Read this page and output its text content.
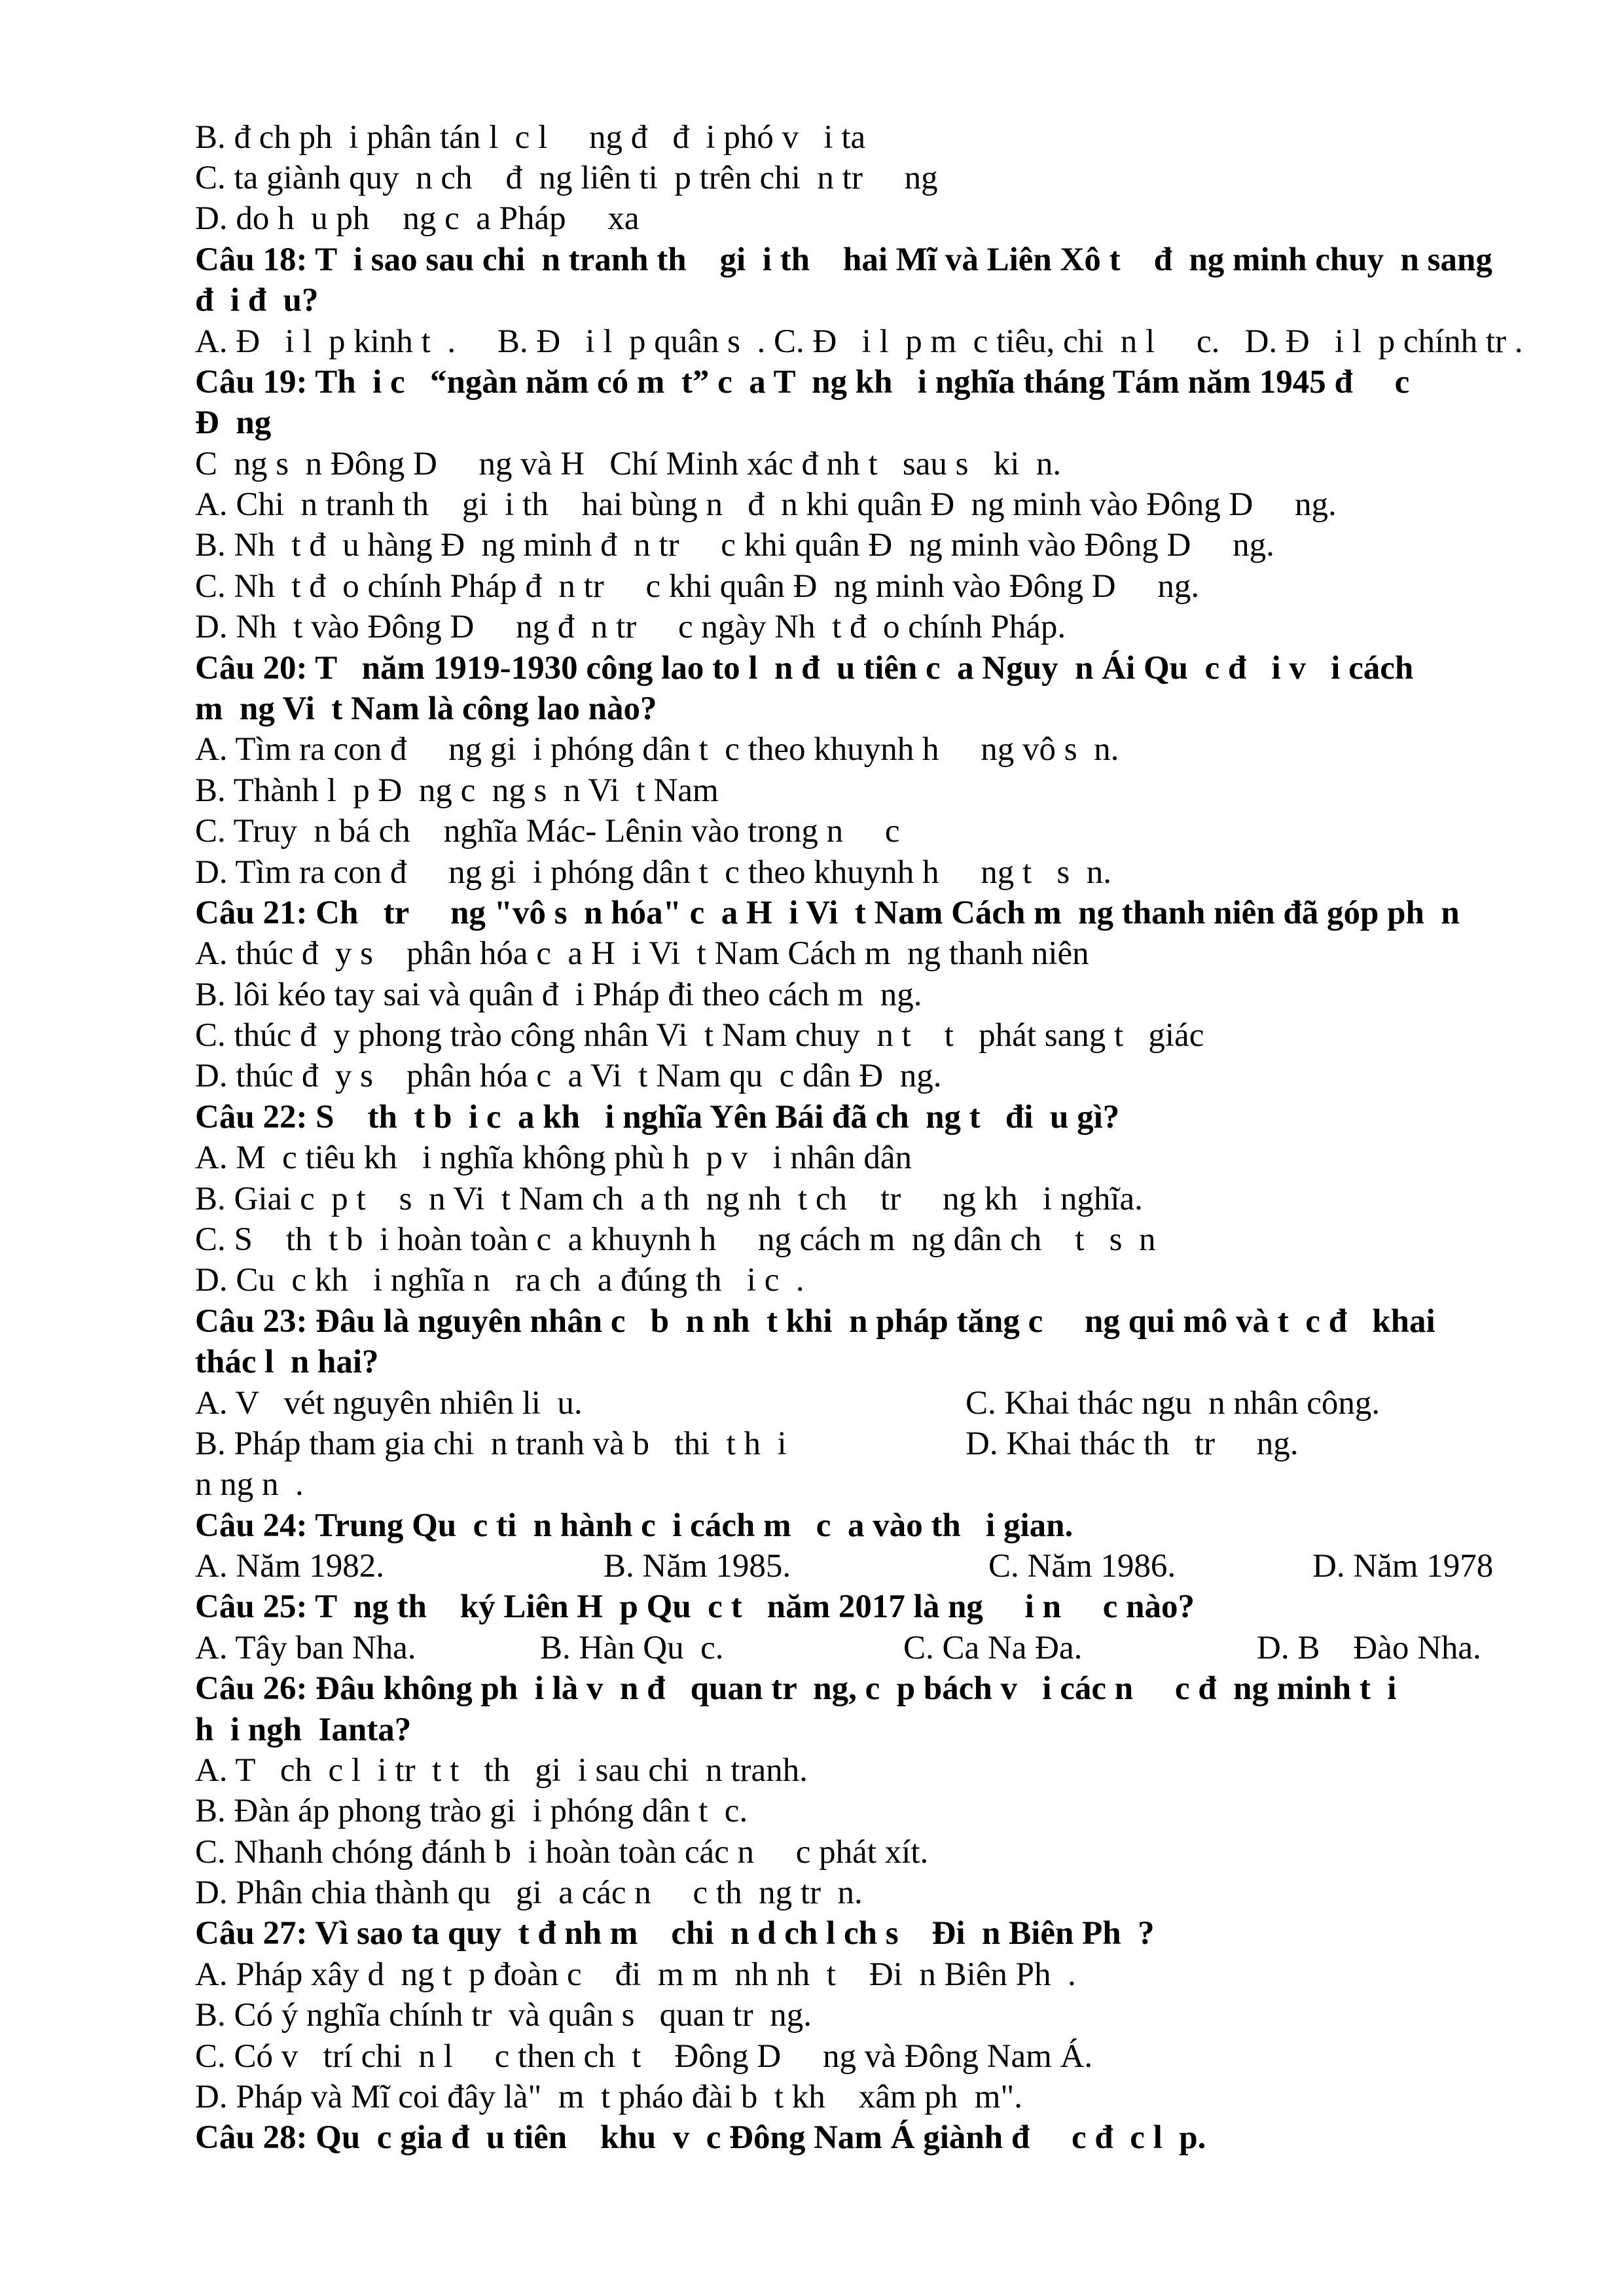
B. đ ch ph  i phân tán l  c l     ng đ   đ  i phó v   i ta
C. ta giành quy  n ch    đ  ng liên ti  p trên chi  n tr     ng
D. do h  u ph    ng c  a Pháp     xa
Câu 18: T  i sao sau chi  n tranh th    gi  i th    hai Mĩ và Liên Xô t    đ  ng minh chuy  n sang
đ  i đ  u?
A. Đ   i l  p kinh t  .     B. Đ   i l  p quân s  . C. Đ   i l  p m  c tiêu, chi  n l     c.   D. Đ   i l  p chính tr .
Câu 19: Th  i c   “ngàn năm có m  t” c  a T  ng kh   i nghĩa tháng Tám năm 1945 đ     c
Đ  ng
C  ng s  n Đông D     ng và H   Chí Minh xác đ nh t   sau s   ki  n.
A. Chi  n tranh th    gi  i th    hai bùng n   đ  n khi quân Đ  ng minh vào Đông D     ng.
B. Nh  t đ  u hàng Đ  ng minh đ  n tr     c khi quân Đ  ng minh vào Đông D     ng.
C. Nh  t đ  o chính Pháp đ  n tr     c khi quân Đ  ng minh vào Đông D     ng.
D. Nh  t vào Đông D     ng đ  n tr     c ngày Nh  t đ  o chính Pháp.
Câu 20: T   năm 1919-1930 công lao to l  n đ  u tiên c  a Nguy  n Ái Qu  c đ   i v   i cách
m  ng Vi  t Nam là công lao nào?
A. Tìm ra con đ     ng gi  i phóng dân t  c theo khuynh h     ng vô s  n.
B. Thành l  p Đ  ng c  ng s  n Vi  t Nam
C. Truy  n bá ch    nghĩa Mác- Lênin vào trong n     c
D. Tìm ra con đ     ng gi  i phóng dân t  c theo khuynh h     ng t   s  n.
Câu 21: Ch   tr     ng "vô s  n hóa" c  a H  i Vi  t Nam Cách m  ng thanh niên đã góp ph  n
A. thúc đ  y s    phân hóa c  a H  i Vi  t Nam Cách m  ng thanh niên
B. lôi kéo tay sai và quân đ  i Pháp đi theo cách m  ng.
C. thúc đ  y phong trào công nhân Vi  t Nam chuy  n t    t   phát sang t   giác
D. thúc đ  y s    phân hóa c  a Vi  t Nam qu  c dân Đ  ng.
Câu 22: S    th  t b  i c  a kh   i nghĩa Yên Bái đã ch  ng t   đi  u gì?
A. M  c tiêu kh   i nghĩa không phù h  p v   i nhân dân
B. Giai c  p t    s  n Vi  t Nam ch  a th  ng nh  t ch    tr     ng kh   i nghĩa.
C. S    th  t b  i hoàn toàn c  a khuynh h     ng cách m  ng dân ch    t   s  n
D. Cu  c kh   i nghĩa n   ra ch  a đúng th   i c  .
Câu 23: Đâu là nguyên nhân c   b  n nh  t khi  n pháp tăng c     ng qui mô và t  c đ   khai
thác l  n hai?
A. V   vét nguyên nhiên li  u.	C. Khai thác ngu  n nhân công.
B. Pháp tham gia chi  n tranh và b   thi  t h  i	D. Khai thác th   tr     ng.
n ng n  .
Câu 24: Trung Qu  c ti  n hành c  i cách m   c  a vào th   i gian.
A. Năm 1982.	B. Năm 1985.	C. Năm 1986.	D. Năm 1978
Câu 25: T  ng th    ký Liên H  p Qu  c t   năm 2017 là ng     i n     c nào?
A. Tây ban Nha.	B. Hàn Qu  c.	C. Ca Na Đa.	D. B    Đào Nha.
Câu 26: Đâu không ph  i là v  n đ   quan tr  ng, c  p bách v   i các n     c đ  ng minh t  i
h  i ngh  Ianta?
A. T   ch  c l  i tr  t t   th   gi  i sau chi  n tranh.
B. Đàn áp phong trào gi  i phóng dân t  c.
C. Nhanh chóng đánh b  i hoàn toàn các n     c phát xít.
D. Phân chia thành qu   gi  a các n     c th  ng tr  n.
Câu 27: Vì sao ta quy  t đ nh m    chi  n d ch l ch s    Đi  n Biên Ph  ?
A. Pháp xây d  ng t  p đoàn c    đi  m m  nh nh  t    Đi  n Biên Ph  .
B. Có ý nghĩa chính tr  và quân s   quan tr  ng.
C. Có v   trí chi  n l     c then ch  t    Đông D     ng và Đông Nam Á.
D. Pháp và Mĩ coi đây là"  m  t pháo đài b  t kh    xâm ph  m".
Câu 28: Qu  c gia đ  u tiên    khu  v  c Đông Nam Á giành đ     c đ  c l  p.
